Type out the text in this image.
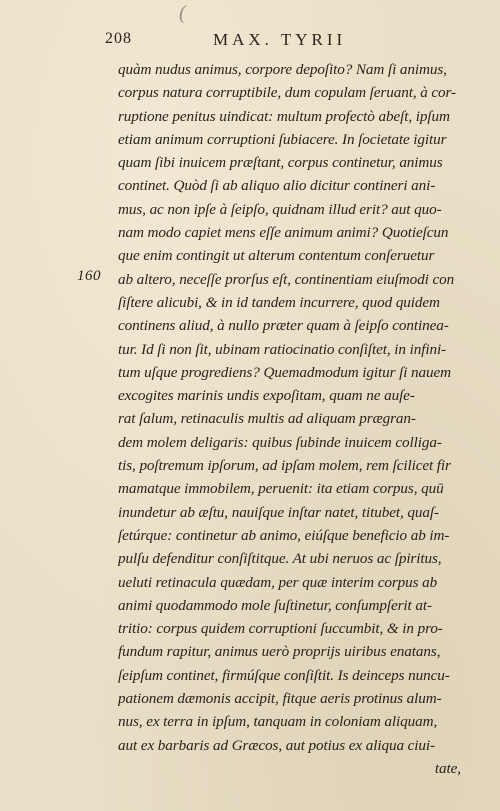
(
208	MAX. TYRII
160
quàm nudus animus, corpore depoſito? Nam ſi animus,
corpus natura corruptibile, dum copulam ſeruant, à cor-
ruptione penitus uindicat: multum profectò abeſt, ipſum
etiam animum corruptioni ſubiacere. In ſocietate igitur
quam ſibi inuicem præſtant, corpus continetur, animus
continet. Quòd ſi ab aliquo alio dicitur contineri ani-
mus, ac non ipſe à ſeipſo, quidnam illud erit? aut quo-
nam modo capiet mens eſſe animum animi? Quotieſcun
que enim contingit ut alterum contentum conſeruetur
ab altero, neceſſe prorſus eſt, continentiam eiuſmodi con
ſiſtere alicubi, & in id tandem incurrere, quod quidem
continens aliud, à nullo præter quam à ſeipſo continea-
tur. Id ſi non ſit, ubinam ratiocinatio conſiſtet, in infini-
tum uſque progrediens? Quemadmodum igitur ſi nauem
excogites marinis undis expoſitam, quam ne auſe-
rat ſalum, retinaculis multis ad aliquam prægran-
dem molem deligaris: quibus ſubinde inuicem colliga-
tis, poſtremum ipſorum, ad ipſam molem, rem ſcilicet fir
mamatque immobilem, peruenit: ita etiam corpus, quū
inundetur ab æſtu, nauiſque inſtar natet, titubet, quaſ-
ſetúrque: continetur ab animo, eiúſque beneficio ab im-
pulſu defenditur conſiſtitque. At ubi neruos ac ſpiritus,
ueluti retinacula quædam, per quæ interim corpus ab
animi quodammodo mole ſuſtinetur, conſumpſerit at-
tritio: corpus quidem corruptioni ſuccumbit, & in pro-
fundum rapitur, animus uerò proprijs uiribus enatans,
ſeipſum continet, firmúſque conſiſtit. Is deinceps nuncu-
pationem dæmonis accipit, fitque aeris protinus alum-
nus, ex terra in ipſum, tanquam in coloniam aliquam,
aut ex barbaris ad Græcos, aut potius ex aliqua ciui-
tate,
